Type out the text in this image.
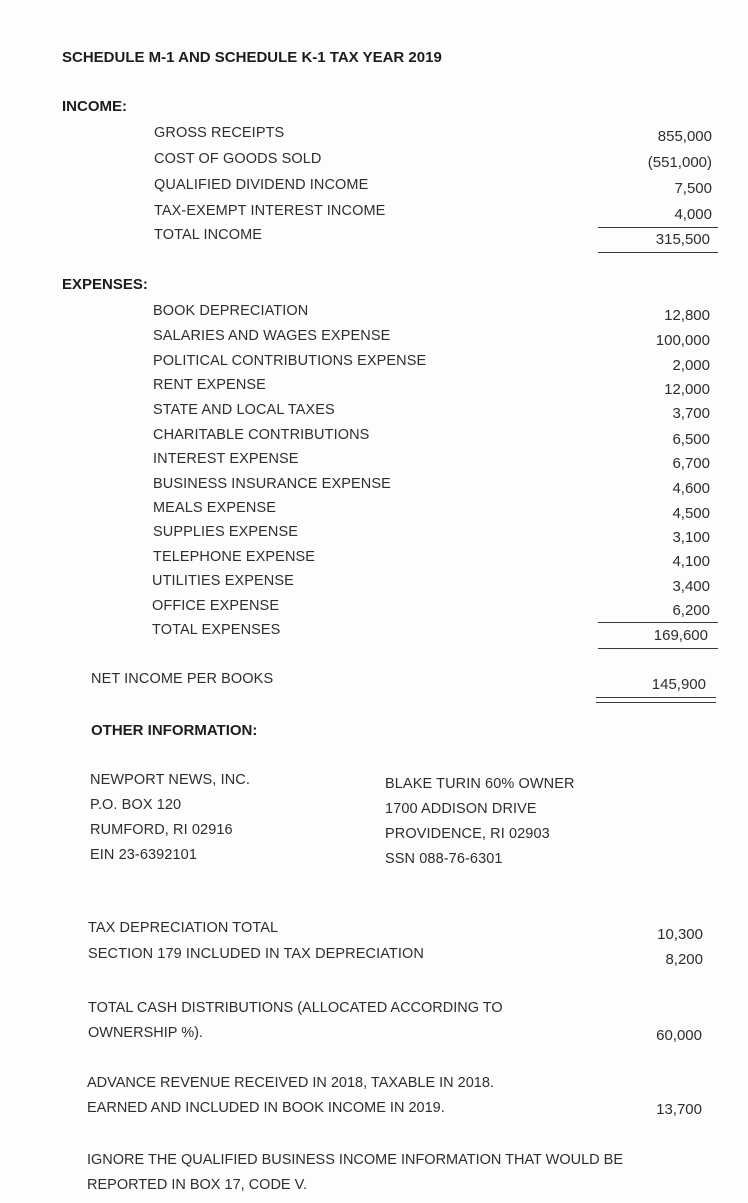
SCHEDULE M-1 AND SCHEDULE K-1 TAX YEAR 2019
INCOME:
GROSS RECEIPTS	855,000
COST OF GOODS SOLD	(551,000)
QUALIFIED DIVIDEND INCOME	7,500
TAX-EXEMPT INTEREST INCOME	4,000
TOTAL INCOME	315,500
EXPENSES:
BOOK DEPRECIATION	12,800
SALARIES AND WAGES EXPENSE	100,000
POLITICAL CONTRIBUTIONS EXPENSE	2,000
RENT EXPENSE	12,000
STATE AND LOCAL TAXES	3,700
CHARITABLE CONTRIBUTIONS	6,500
INTEREST EXPENSE	6,700
BUSINESS INSURANCE EXPENSE	4,600
MEALS EXPENSE	4,500
SUPPLIES EXPENSE	3,100
TELEPHONE EXPENSE	4,100
UTILITIES EXPENSE	3,400
OFFICE EXPENSE	6,200
TOTAL EXPENSES	169,600
NET INCOME PER BOOKS	145,900
OTHER INFORMATION:
NEWPORT NEWS, INC.
P.O. BOX 120
RUMFORD, RI 02916
EIN 23-6392101
BLAKE TURIN 60% OWNER
1700 ADDISON DRIVE
PROVIDENCE, RI 02903
SSN 088-76-6301
TAX DEPRECIATION TOTAL	10,300
SECTION 179 INCLUDED IN TAX DEPRECIATION	8,200
TOTAL CASH DISTRIBUTIONS (ALLOCATED ACCORDING TO OWNERSHIP %).	60,000
ADVANCE REVENUE RECEIVED IN 2018, TAXABLE IN 2018. EARNED AND INCLUDED IN BOOK INCOME IN 2019.	13,700
IGNORE THE QUALIFIED BUSINESS INCOME INFORMATION THAT WOULD BE REPORTED IN BOX 17, CODE V.
